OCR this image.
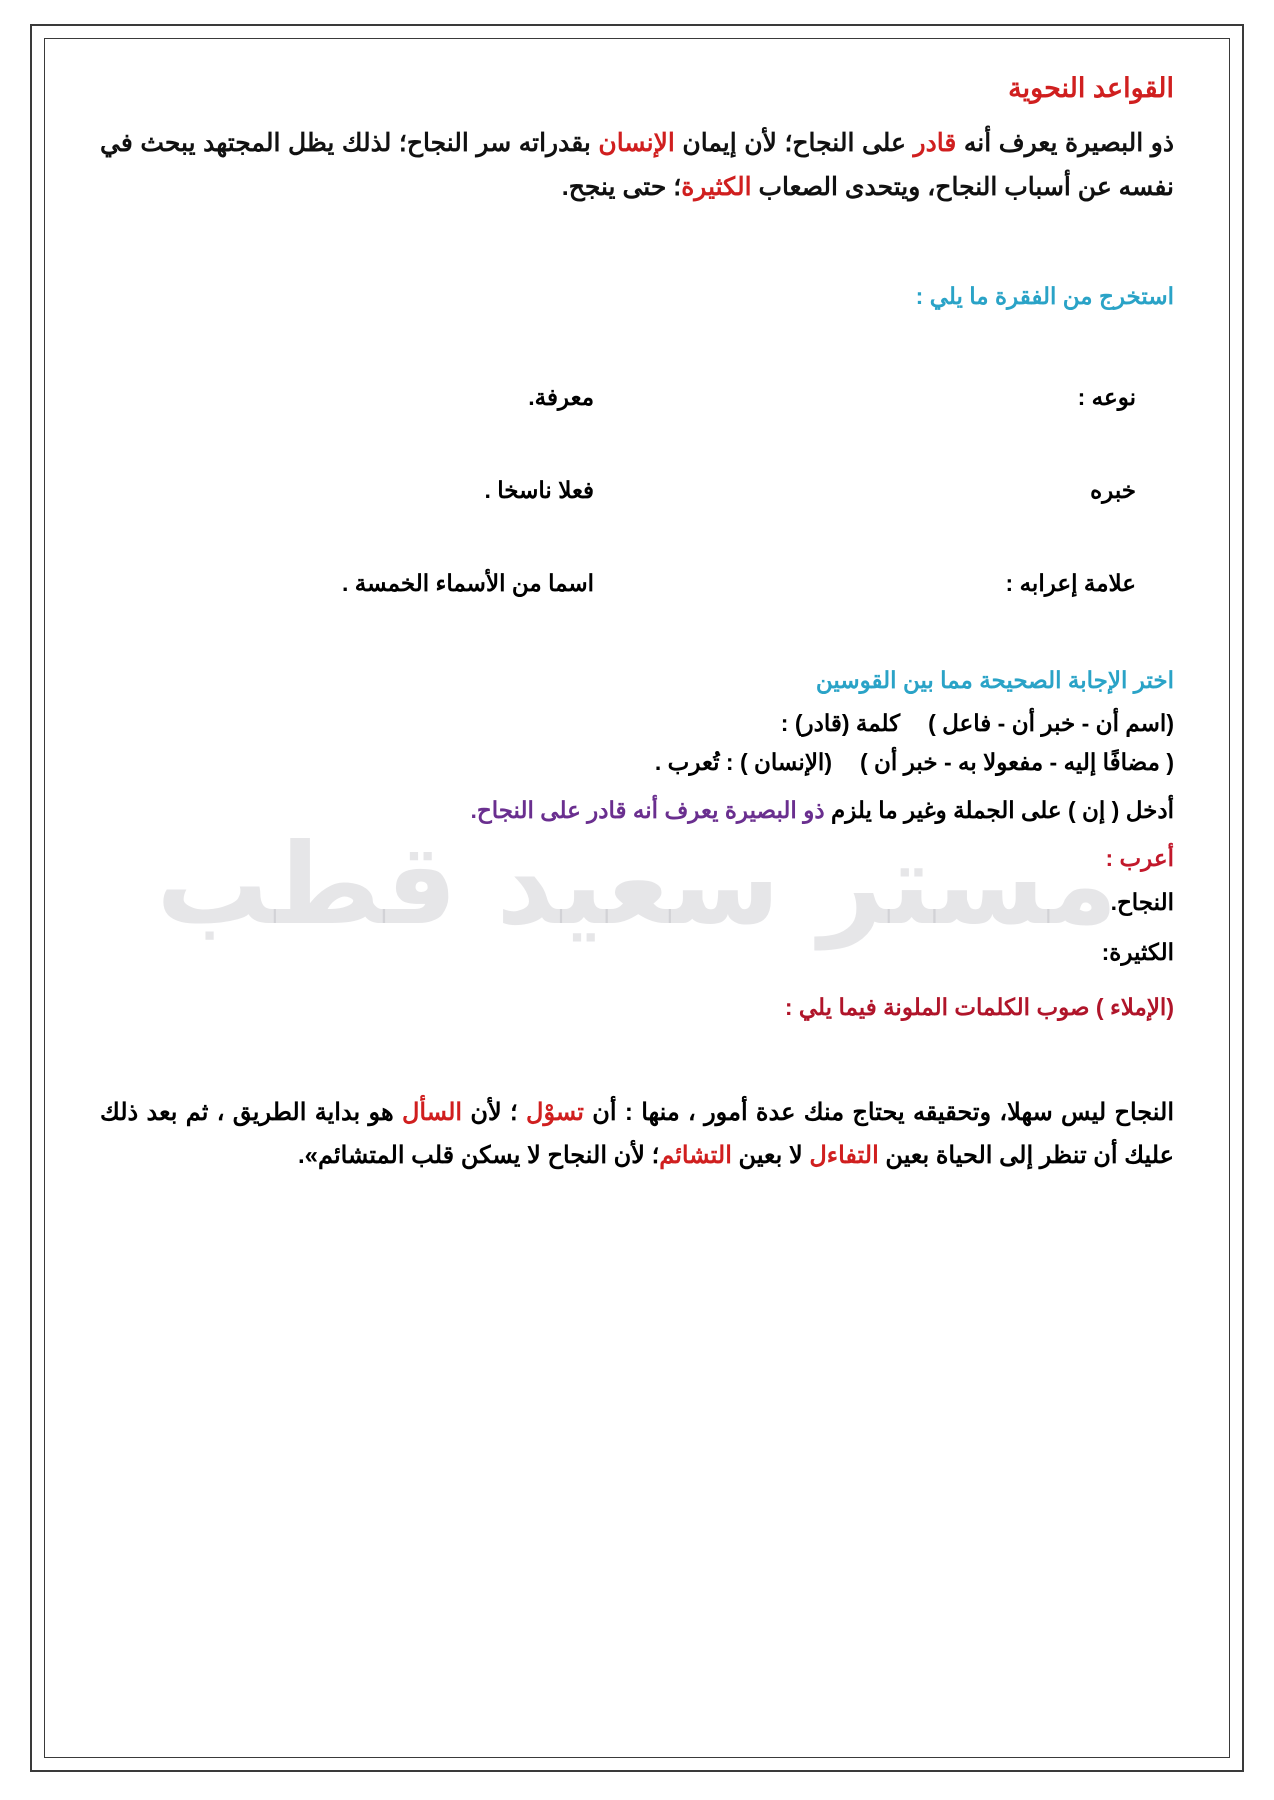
مستر سعيد قطب
القواعد النحوية

ذو البصيرة يعرف أنه قادر على النجاح؛ لأن إيمان الإنسان بقدراته سر النجاح؛ لذلك يظل المجتهد يبحث في نفسه عن أسباب النجاح، ويتحدى الصعاب الكثيرة؛ حتى ينجح.

استخرج من الفقرة ما يلي :

نوعه :
معرفة.
خبره
فعلا ناسخا .
علامة إعرابه :
اسما من الأسماء الخمسة .

اختر الإجابة الصحيحة مما بين القوسين

(اسم أن - خبر أن - فاعل )
كلمة (قادر) :
( مضافًا إليه - مفعولا به - خبر أن )
(الإنسان ) : تُعرب .

أدخل ( إن ) على الجملة وغير ما يلزم ذو البصيرة يعرف أنه قادر على النجاح.

أعرب :

النجاح.

الكثيرة:

(الإملاء ) صوب الكلمات الملونة فيما يلي :

النجاح ليس سهلا، وتحقيقه يحتاج منك عدة أمور ، منها : أن تسوْل ؛ لأن السأل هو بداية الطريق ، ثم بعد ذلك عليك أن تنظر إلى الحياة بعين التفاءل لا بعين التشائم؛ لأن النجاح لا يسكن قلب المتشائم».
